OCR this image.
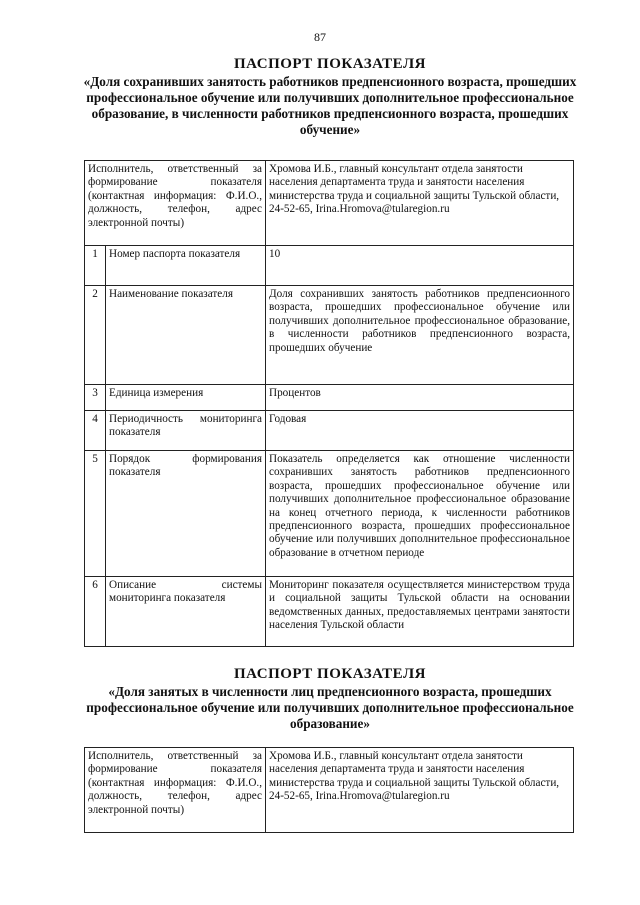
87
ПАСПОРТ ПОКАЗАТЕЛЯ
«Доля сохранивших занятость работников предпенсионного возраста, прошедших профессиональное обучение или получивших дополнительное профессиональное образование, в численности работников предпенсионного возраста, прошедших обучение»
Исполнитель, ответственный за формирование показателя (контактная информация: Ф.И.О., должность, телефон, адрес электронной почты)		Хромова И.Б., главный консультант отдела занятости населения департамента труда и занятости населения министерства труда и социальной защиты Тульской области, 24-52-65, Irina.Hromova@tularegion.ru
1	Номер паспорта показателя	10
2	Наименование показателя	Доля сохранивших занятость работников предпенсионного возраста, прошедших профессиональное обучение или получивших дополнительное профессиональное образование, в численности работников предпенсионного возраста, прошедших обучение
3	Единица измерения	Процентов
4	Периодичность мониторинга показателя	Годовая
5	Порядок формирования показателя	Показатель определяется как отношение численности сохранивших занятость работников предпенсионного возраста, прошедших профессиональное обучение или получивших дополнительное профессиональное образование на конец отчетного периода, к численности работников предпенсионного возраста, прошедших профессиональное обучение или получивших дополнительное профессиональное образование в отчетном периоде
6	Описание системы мониторинга показателя	Мониторинг показателя осуществляется министерством труда и социальной защиты Тульской области на основании ведомственных данных, предоставляемых центрами занятости населения Тульской области
ПАСПОРТ ПОКАЗАТЕЛЯ
«Доля занятых в численности лиц предпенсионного возраста, прошедших профессиональное обучение или получивших дополнительное профессиональное образование»
Исполнитель, ответственный за формирование показателя (контактная информация: Ф.И.О., должность, телефон, адрес электронной почты)	Хромова И.Б., главный консультант отдела занятости населения департамента труда и занятости населения министерства труда и социальной защиты Тульской области, 24-52-65, Irina.Hromova@tularegion.ru
